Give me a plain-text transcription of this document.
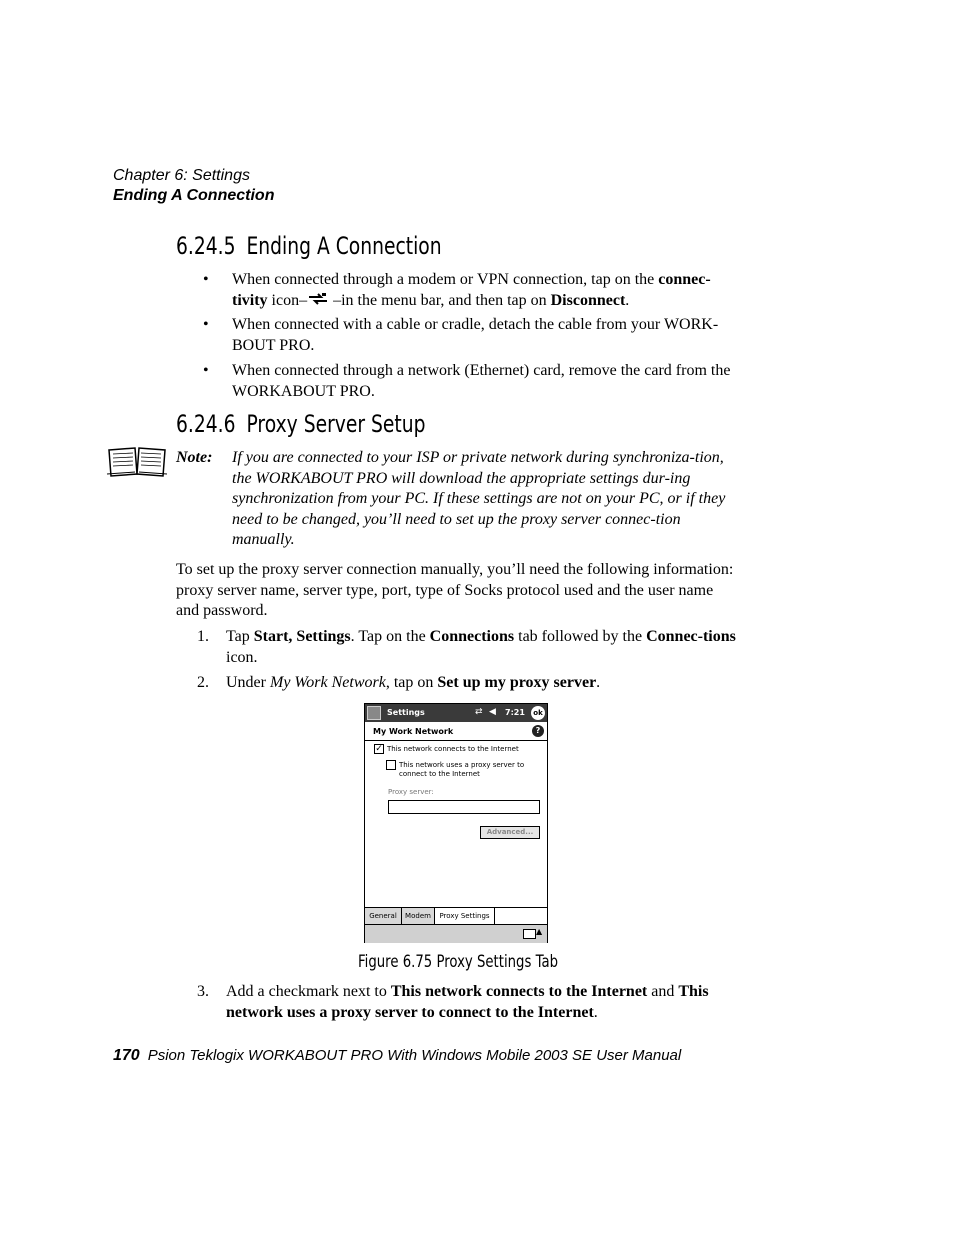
Chapter 6: Settings
Ending A Connection
6.24.5 Ending A Connection
• When connected through a modem or VPN connection, tap on the connec-
tivity icon– –in the menu bar, and then tap on Disconnect.
• When connected with a cable or cradle, detach the cable from your WORK-BOUT PRO.
• When connected through a network (Ethernet) card, remove the card from the WORKABOUT PRO.
6.24.6 Proxy Server Setup
Note: If you are connected to your ISP or private network during synchroniza-tion, the WORKABOUT PRO will download the appropriate settings dur-ing synchronization from your PC. If these settings are not on your PC, or if they need to be changed, you’ll need to set up the proxy server connec-tion manually.
To set up the proxy server connection manually, you’ll need the following information: proxy server name, server type, port, type of Socks protocol used and the user name and password.
1. Tap Start, Settings. Tap on the Connections tab followed by the Connec-tions icon.
2. Under My Work Network, tap on Set up my proxy server.
Settings	⇄ ◀ 7:21	ok
My Work Network	?
✓ This network connects to the Internet
This network uses a proxy server to
connect to the Internet
Proxy server:
Advanced...
General	Modem	Proxy Settings
▲
Figure 6.75 Proxy Settings Tab
3. Add a checkmark next to This network connects to the Internet and This network uses a proxy server to connect to the Internet.
170 Psion Teklogix WORKABOUT PRO With Windows Mobile 2003 SE User Manual
